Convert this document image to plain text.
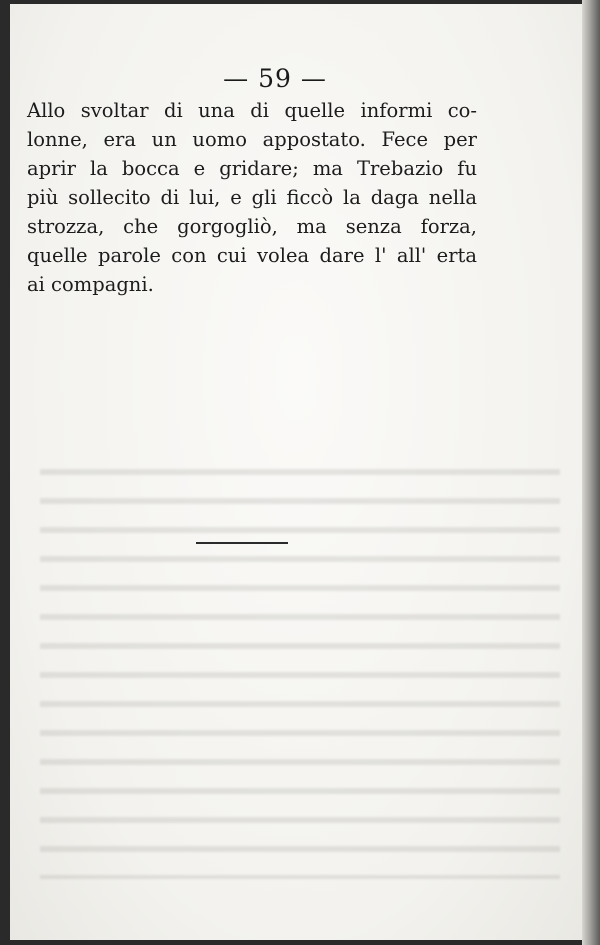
— 59 —
Allo svoltar di una di quelle informi co-
lonne, era un uomo appostato. Fece per
aprir la bocca e gridare; ma Trebazio fu
più sollecito di lui, e gli ficcò la daga nella
strozza, che gorgogliò, ma senza forza,
quelle parole con cui volea dare l' all' erta
ai compagni.
